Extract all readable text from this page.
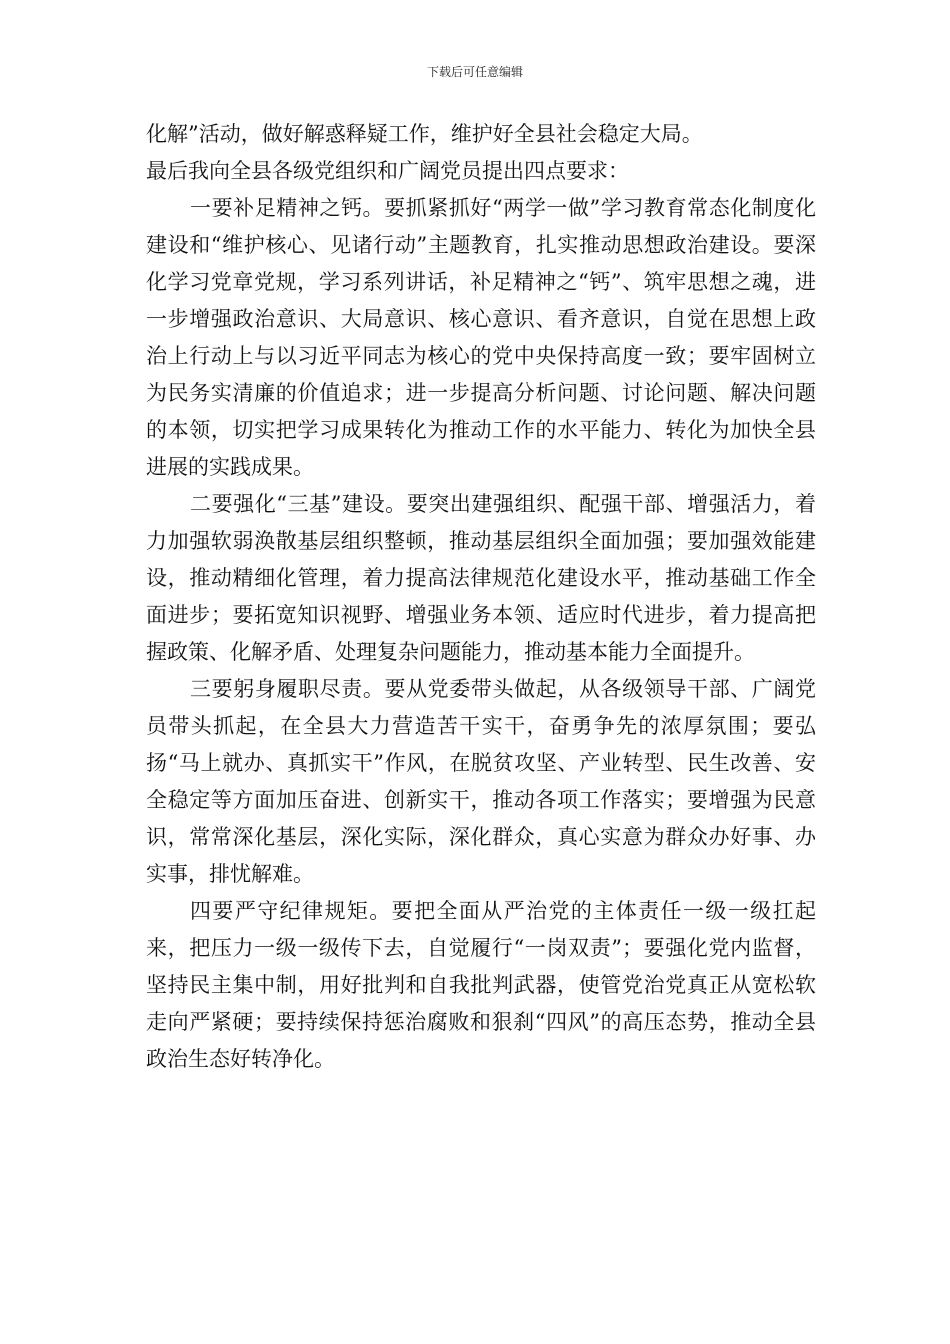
下载后可任意编辑

化解”活动，做好解惑释疑工作，维护好全县社会稳定大局。

最后我向全县各级党组织和广阔党员提出四点要求：

一要补足精神之钙。要抓紧抓好“两学一做”学习教育常态化制度化建设和“维护核心、见诸行动”主题教育，扎实推动思想政治建设。要深化学习党章党规，学习系列讲话，补足精神之“钙”、筑牢思想之魂，进一步增强政治意识、大局意识、核心意识、看齐意识，自觉在思想上政治上行动上与以习近平同志为核心的党中央保持高度一致；要牢固树立为民务实清廉的价值追求；进一步提高分析问题、讨论问题、解决问题的本领，切实把学习成果转化为推动工作的水平能力、转化为加快全县进展的实践成果。

二要强化“三基”建设。要突出建强组织、配强干部、增强活力，着力加强软弱涣散基层组织整顿，推动基层组织全面加强；要加强效能建设，推动精细化管理，着力提高法律规范化建设水平，推动基础工作全面进步；要拓宽知识视野、增强业务本领、适应时代进步，着力提高把握政策、化解矛盾、处理复杂问题能力，推动基本能力全面提升。

三要躬身履职尽责。要从党委带头做起，从各级领导干部、广阔党员带头抓起，在全县大力营造苦干实干，奋勇争先的浓厚氛围；要弘扬“马上就办、真抓实干”作风，在脱贫攻坚、产业转型、民生改善、安全稳定等方面加压奋进、创新实干，推动各项工作落实；要增强为民意识，常常深化基层，深化实际，深化群众，真心实意为群众办好事、办实事，排忧解难。

四要严守纪律规矩。要把全面从严治党的主体责任一级一级扛起来，把压力一级一级传下去，自觉履行“一岗双责”；要强化党内监督，坚持民主集中制，用好批判和自我批判武器，使管党治党真正从宽松软走向严紧硬；要持续保持惩治腐败和狠刹“四风”的高压态势，推动全县政治生态好转净化。
